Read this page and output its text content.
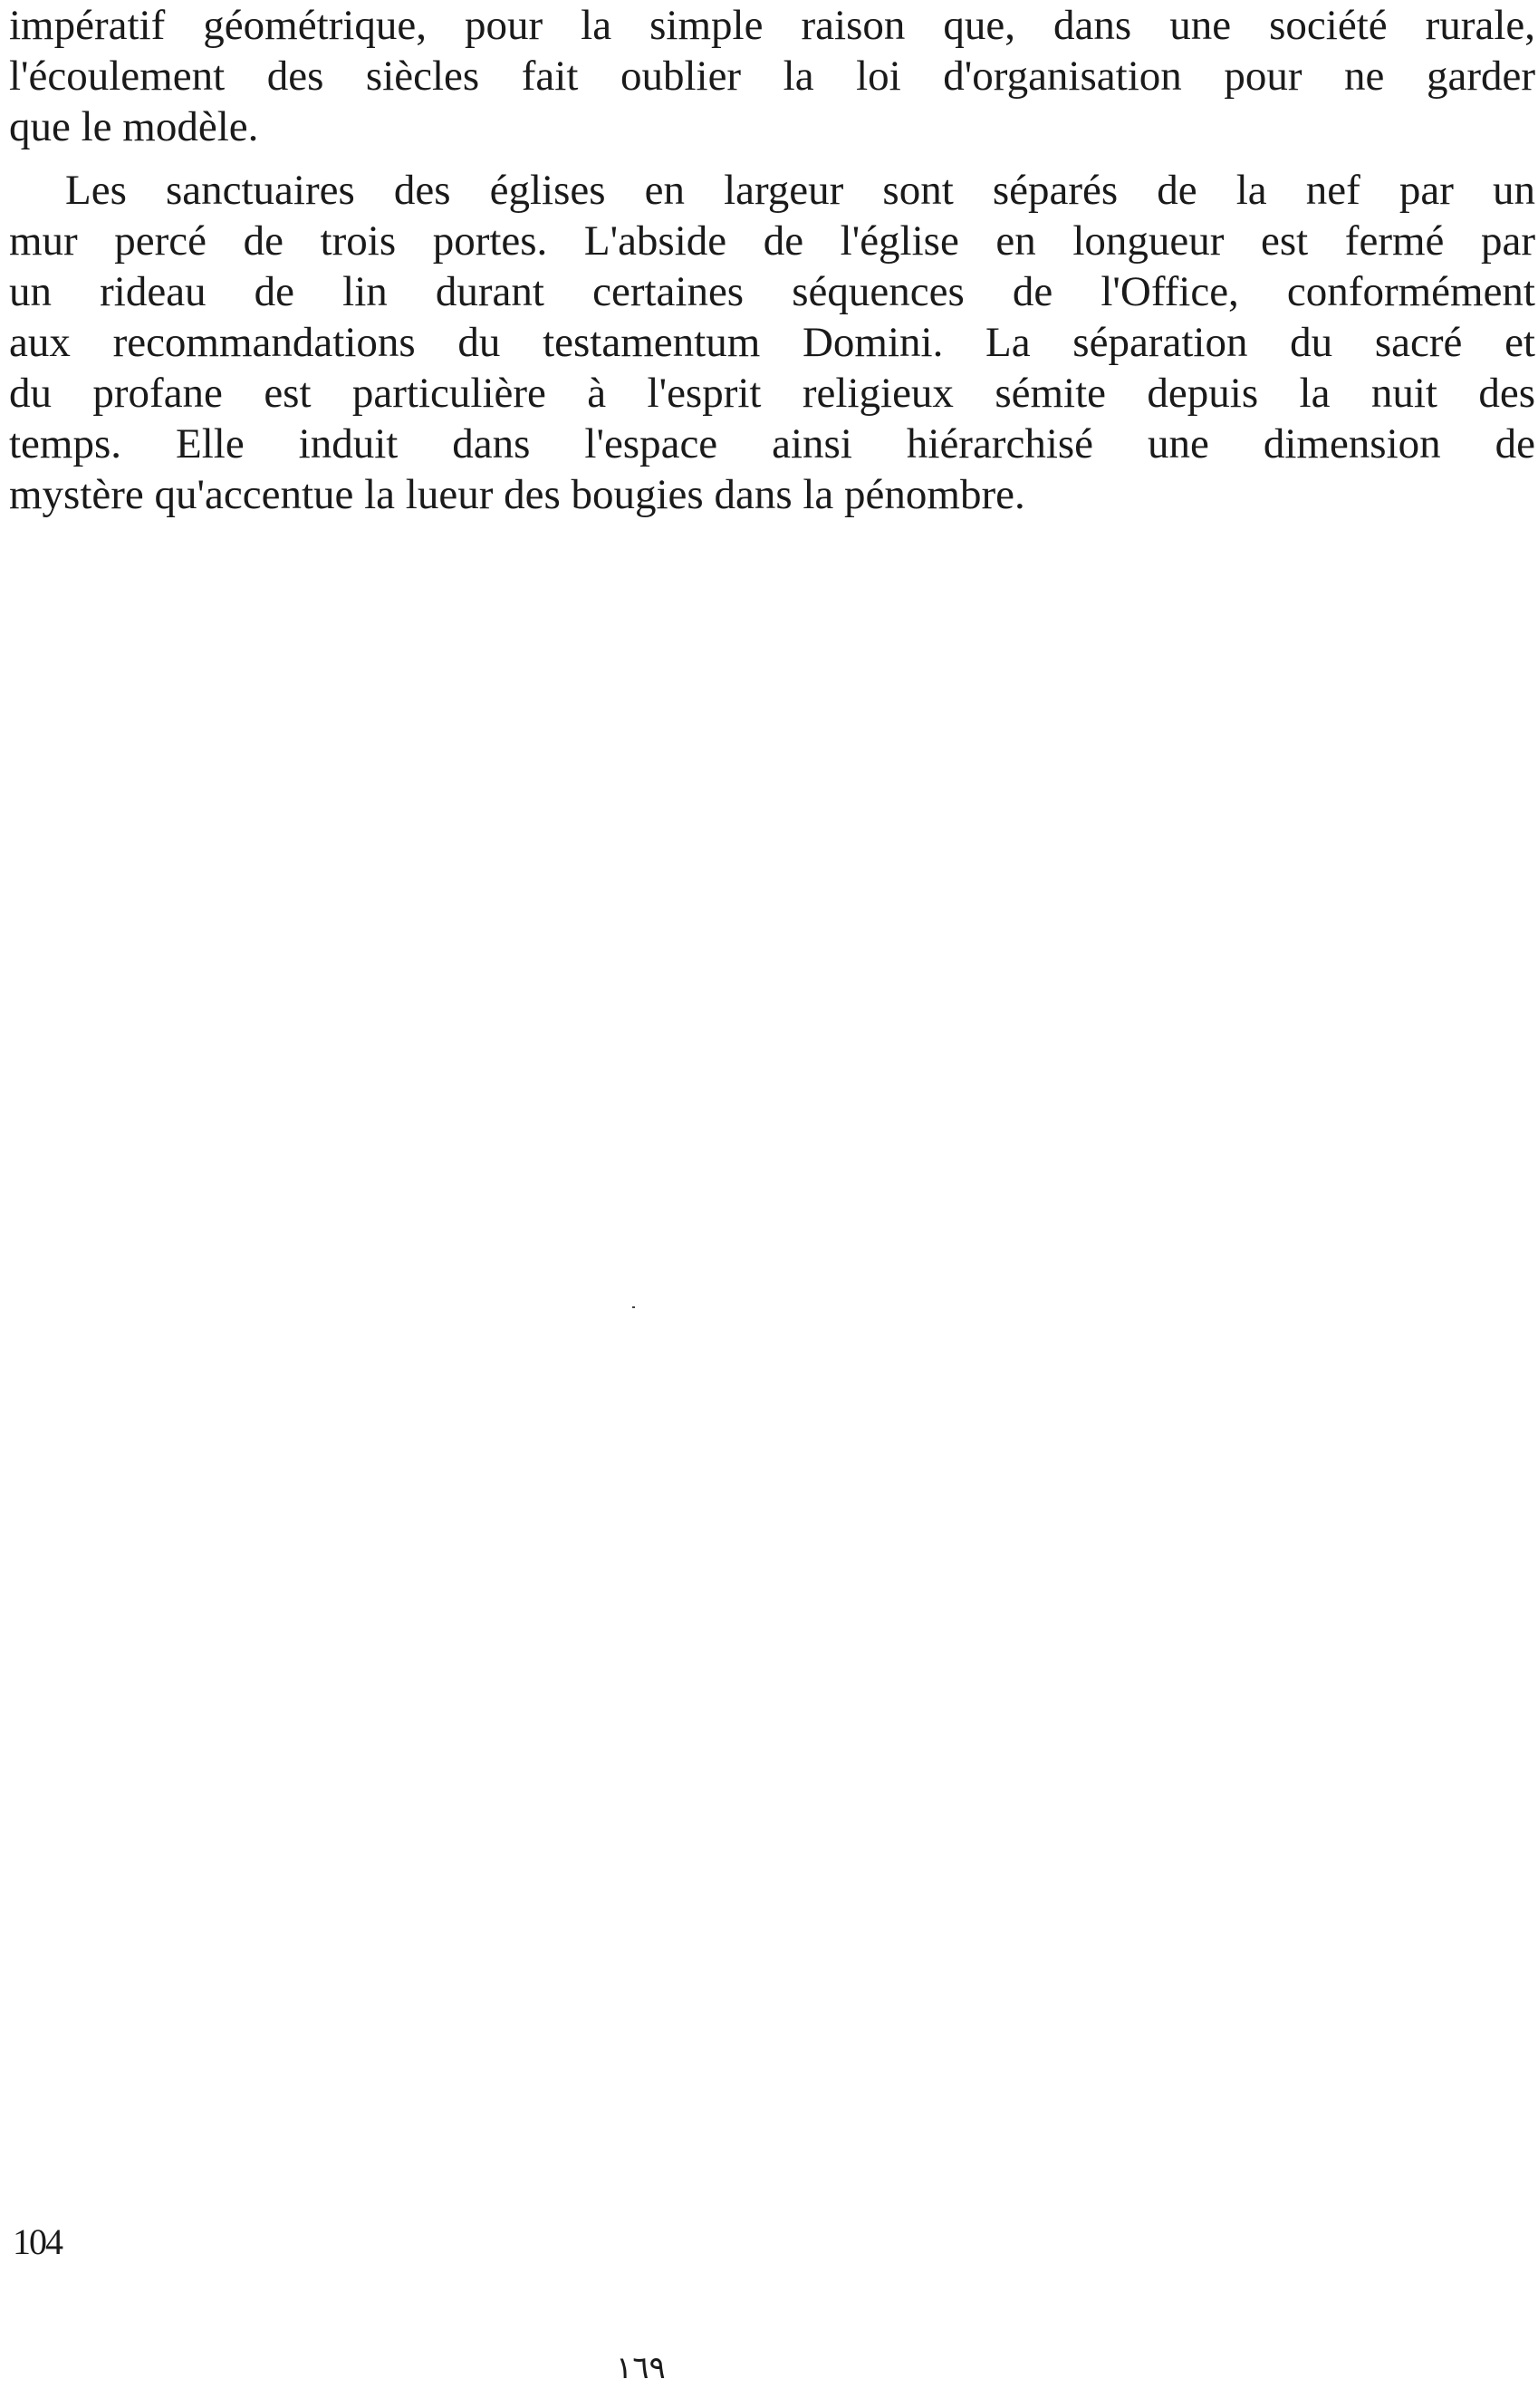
impératif géométrique, pour la simple raison que, dans une société rurale,
l'écoulement des siècles fait oublier la loi d'organisation pour ne garder
que le modèle.
Les sanctuaires des églises en largeur sont séparés de la nef par un
mur percé de trois portes. L'abside de l'église en longueur est fermé par
un rideau de lin durant certaines séquences de l'Office, conformément
aux recommandations du testamentum Domini. La séparation du sacré et
du profane est particulière à l'esprit religieux sémite depuis la nuit des
temps. Elle induit dans l'espace ainsi hiérarchisé une dimension de
mystère qu'accentue la lueur des bougies dans la pénombre.
104
١٦٩
